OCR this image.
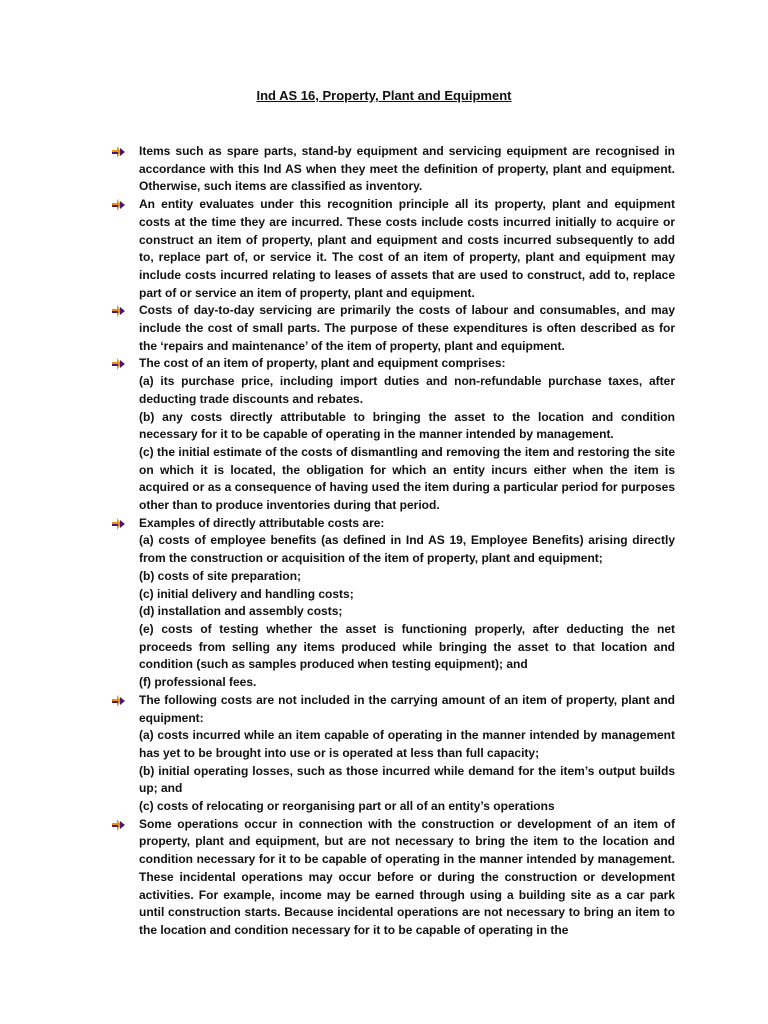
Ind AS 16, Property, Plant and Equipment

Items such as spare parts, stand-by equipment and servicing equipment are recognised in accordance with this Ind AS when they meet the definition of property, plant and equipment. Otherwise, such items are classified as inventory.

An entity evaluates under this recognition principle all its property, plant and equipment costs at the time they are incurred. These costs include costs incurred initially to acquire or construct an item of property, plant and equipment and costs incurred subsequently to add to, replace part of, or service it. The cost of an item of property, plant and equipment may include costs incurred relating to leases of assets that are used to construct, add to, replace part of or service an item of property, plant and equipment.

Costs of day-to-day servicing are primarily the costs of labour and consumables, and may include the cost of small parts. The purpose of these expenditures is often described as for the ‘repairs and maintenance’ of the item of property, plant and equipment.

The cost of an item of property, plant and equipment comprises:

(a) its purchase price, including import duties and non-refundable purchase taxes, after deducting trade discounts and rebates.

(b) any costs directly attributable to bringing the asset to the location and condition necessary for it to be capable of operating in the manner intended by management.

(c) the initial estimate of the costs of dismantling and removing the item and restoring the site on which it is located, the obligation for which an entity incurs either when the item is acquired or as a consequence of having used the item during a particular period for purposes other than to produce inventories during that period.

Examples of directly attributable costs are:

(a) costs of employee benefits (as defined in Ind AS 19, Employee Benefits) arising directly from the construction or acquisition of the item of property, plant and equipment;

(b) costs of site preparation;

(c) initial delivery and handling costs;

(d) installation and assembly costs;

(e) costs of testing whether the asset is functioning properly, after deducting the net proceeds from selling any items produced while bringing the asset to that location and condition (such as samples produced when testing equipment); and

(f) professional fees.

The following costs are not included in the carrying amount of an item of property, plant and equipment:

(a) costs incurred while an item capable of operating in the manner intended by management has yet to be brought into use or is operated at less than full capacity;

(b) initial operating losses, such as those incurred while demand for the item’s output builds up; and

(c) costs of relocating or reorganising part or all of an entity’s operations

Some operations occur in connection with the construction or development of an item of property, plant and equipment, but are not necessary to bring the item to the location and condition necessary for it to be capable of operating in the manner intended by management. These incidental operations may occur before or during the construction or development activities. For example, income may be earned through using a building site as a car park until construction starts. Because incidental operations are not necessary to bring an item to the location and condition necessary for it to be capable of operating in the
